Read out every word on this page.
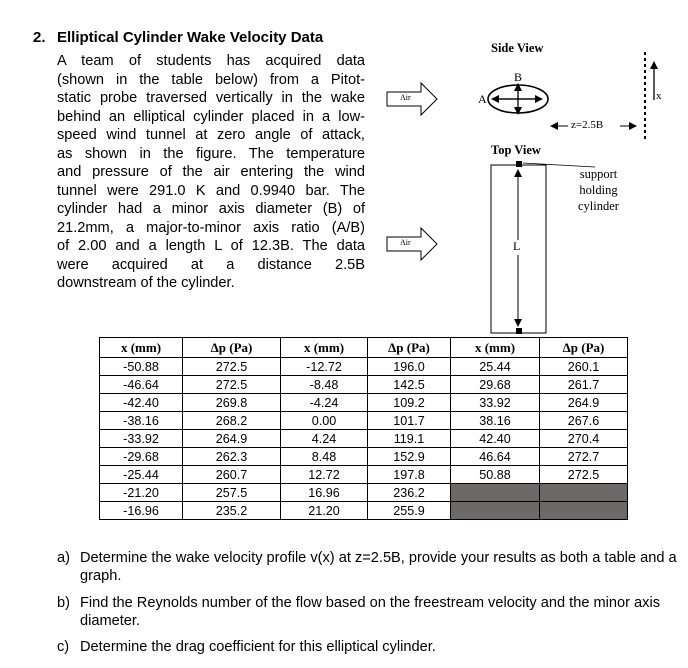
2. Elliptical Cylinder Wake Velocity Data
A team of students has acquired data
(shown in the table below) from a Pitot-
static probe traversed vertically in the wake
behind an elliptical cylinder placed in a low-
speed wind tunnel at zero angle of attack,
as shown in the figure. The temperature
and pressure of the air entering the wind
tunnel were 291.0 K and 0.9940 bar. The
cylinder had a minor axis diameter (B) of
21.2mm, a major-to-minor axis ratio (A/B)
of 2.00 and a length L of 12.3B. The data
were acquired at a distance 2.5B
downstream of the cylinder.
Side View
Top View
Air
Air
A
B
z=2.5B
x
L
support
holding
cylinder
x (mm)	Δp (Pa)	x (mm)	Δp (Pa)	x (mm)	Δp (Pa)
-50.88	272.5	-12.72	196.0	25.44	260.1
-46.64	272.5	-8.48	142.5	29.68	261.7
-42.40	269.8	-4.24	109.2	33.92	264.9
-38.16	268.2	0.00	101.7	38.16	267.6
-33.92	264.9	4.24	119.1	42.40	270.4
-29.68	262.3	8.48	152.9	46.64	272.7
-25.44	260.7	12.72	197.8	50.88	272.5
-21.20	257.5	16.96	236.2		
-16.96	235.2	21.20	255.9		
a) Determine the wake velocity profile v(x) at z=2.5B, provide your results as both a table and a graph.
b) Find the Reynolds number of the flow based on the freestream velocity and the minor axis diameter.
c) Determine the drag coefficient for this elliptical cylinder.
